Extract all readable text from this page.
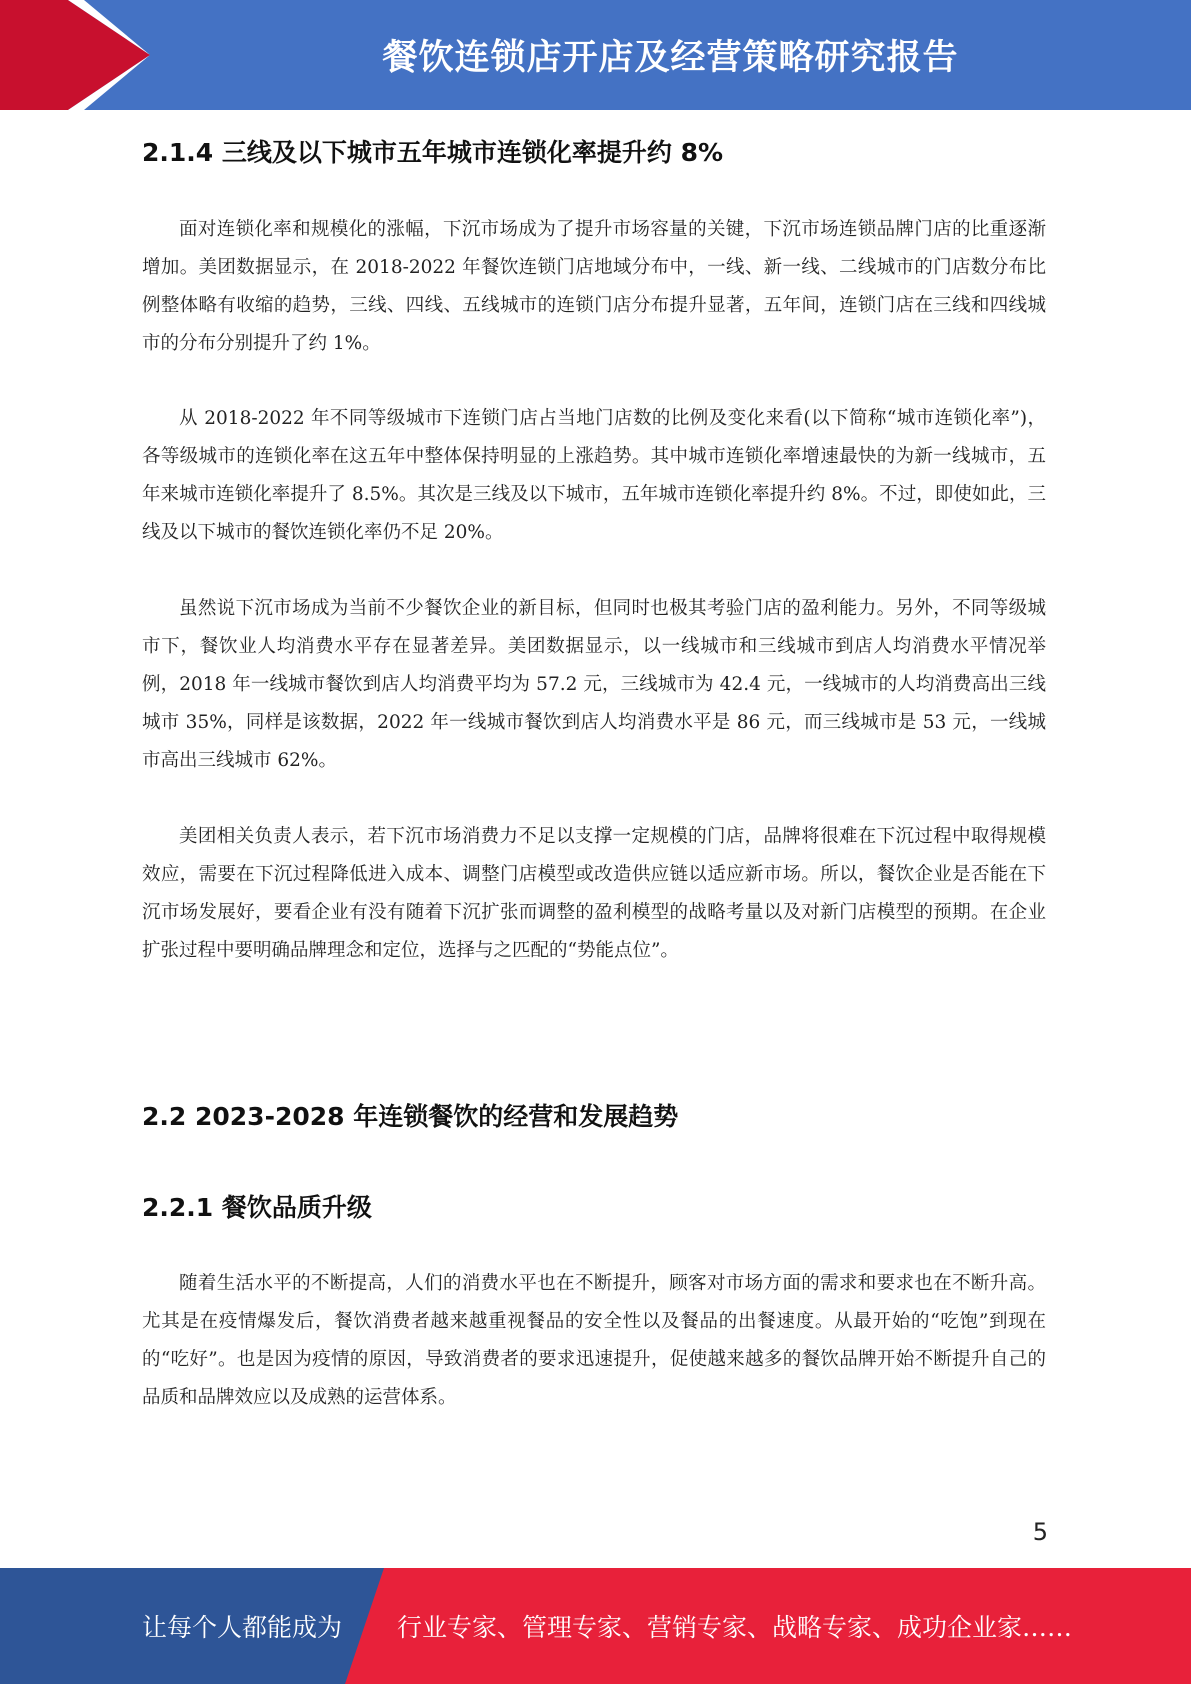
餐饮连锁店开店及经营策略研究报告
2.1.4 三线及以下城市五年城市连锁化率提升约 8%

面对连锁化率和规模化的涨幅，下沉市场成为了提升市场容量的关键，下沉市场连锁品牌门店的比重逐渐增加。美团数据显示，在 2018-2022 年餐饮连锁门店地域分布中，一线、新一线、二线城市的门店数分布比例整体略有收缩的趋势，三线、四线、五线城市的连锁门店分布提升显著，五年间，连锁门店在三线和四线城市的分布分别提升了约 1%。

从 2018-2022 年不同等级城市下连锁门店占当地门店数的比例及变化来看(以下简称“城市连锁化率”)，各等级城市的连锁化率在这五年中整体保持明显的上涨趋势。其中城市连锁化率增速最快的为新一线城市，五年来城市连锁化率提升了 8.5%。其次是三线及以下城市，五年城市连锁化率提升约 8%。不过，即使如此，三线及以下城市的餐饮连锁化率仍不足 20%。

虽然说下沉市场成为当前不少餐饮企业的新目标，但同时也极其考验门店的盈利能力。另外，不同等级城市下，餐饮业人均消费水平存在显著差异。美团数据显示，以一线城市和三线城市到店人均消费水平情况举例，2018 年一线城市餐饮到店人均消费平均为 57.2 元，三线城市为 42.4 元，一线城市的人均消费高出三线城市 35%，同样是该数据，2022 年一线城市餐饮到店人均消费水平是 86 元，而三线城市是 53 元，一线城市高出三线城市 62%。

美团相关负责人表示，若下沉市场消费力不足以支撑一定规模的门店，品牌将很难在下沉过程中取得规模效应，需要在下沉过程降低进入成本、调整门店模型或改造供应链以适应新市场。所以，餐饮企业是否能在下沉市场发展好，要看企业有没有随着下沉扩张而调整的盈利模型的战略考量以及对新门店模型的预期。在企业扩张过程中要明确品牌理念和定位，选择与之匹配的“势能点位”。

2.2 2023-2028 年连锁餐饮的经营和发展趋势
2.2.1 餐饮品质升级

随着生活水平的不断提高，人们的消费水平也在不断提升，顾客对市场方面的需求和要求也在不断升高。尤其是在疫情爆发后，餐饮消费者越来越重视餐品的安全性以及餐品的出餐速度。从最开始的“吃饱”到现在的“吃好”。也是因为疫情的原因，导致消费者的要求迅速提升，促使越来越多的餐饮品牌开始不断提升自己的品质和品牌效应以及成熟的运营体系。

5
让每个人都能成为 行业专家、管理专家、营销专家、战略专家、成功企业家……
